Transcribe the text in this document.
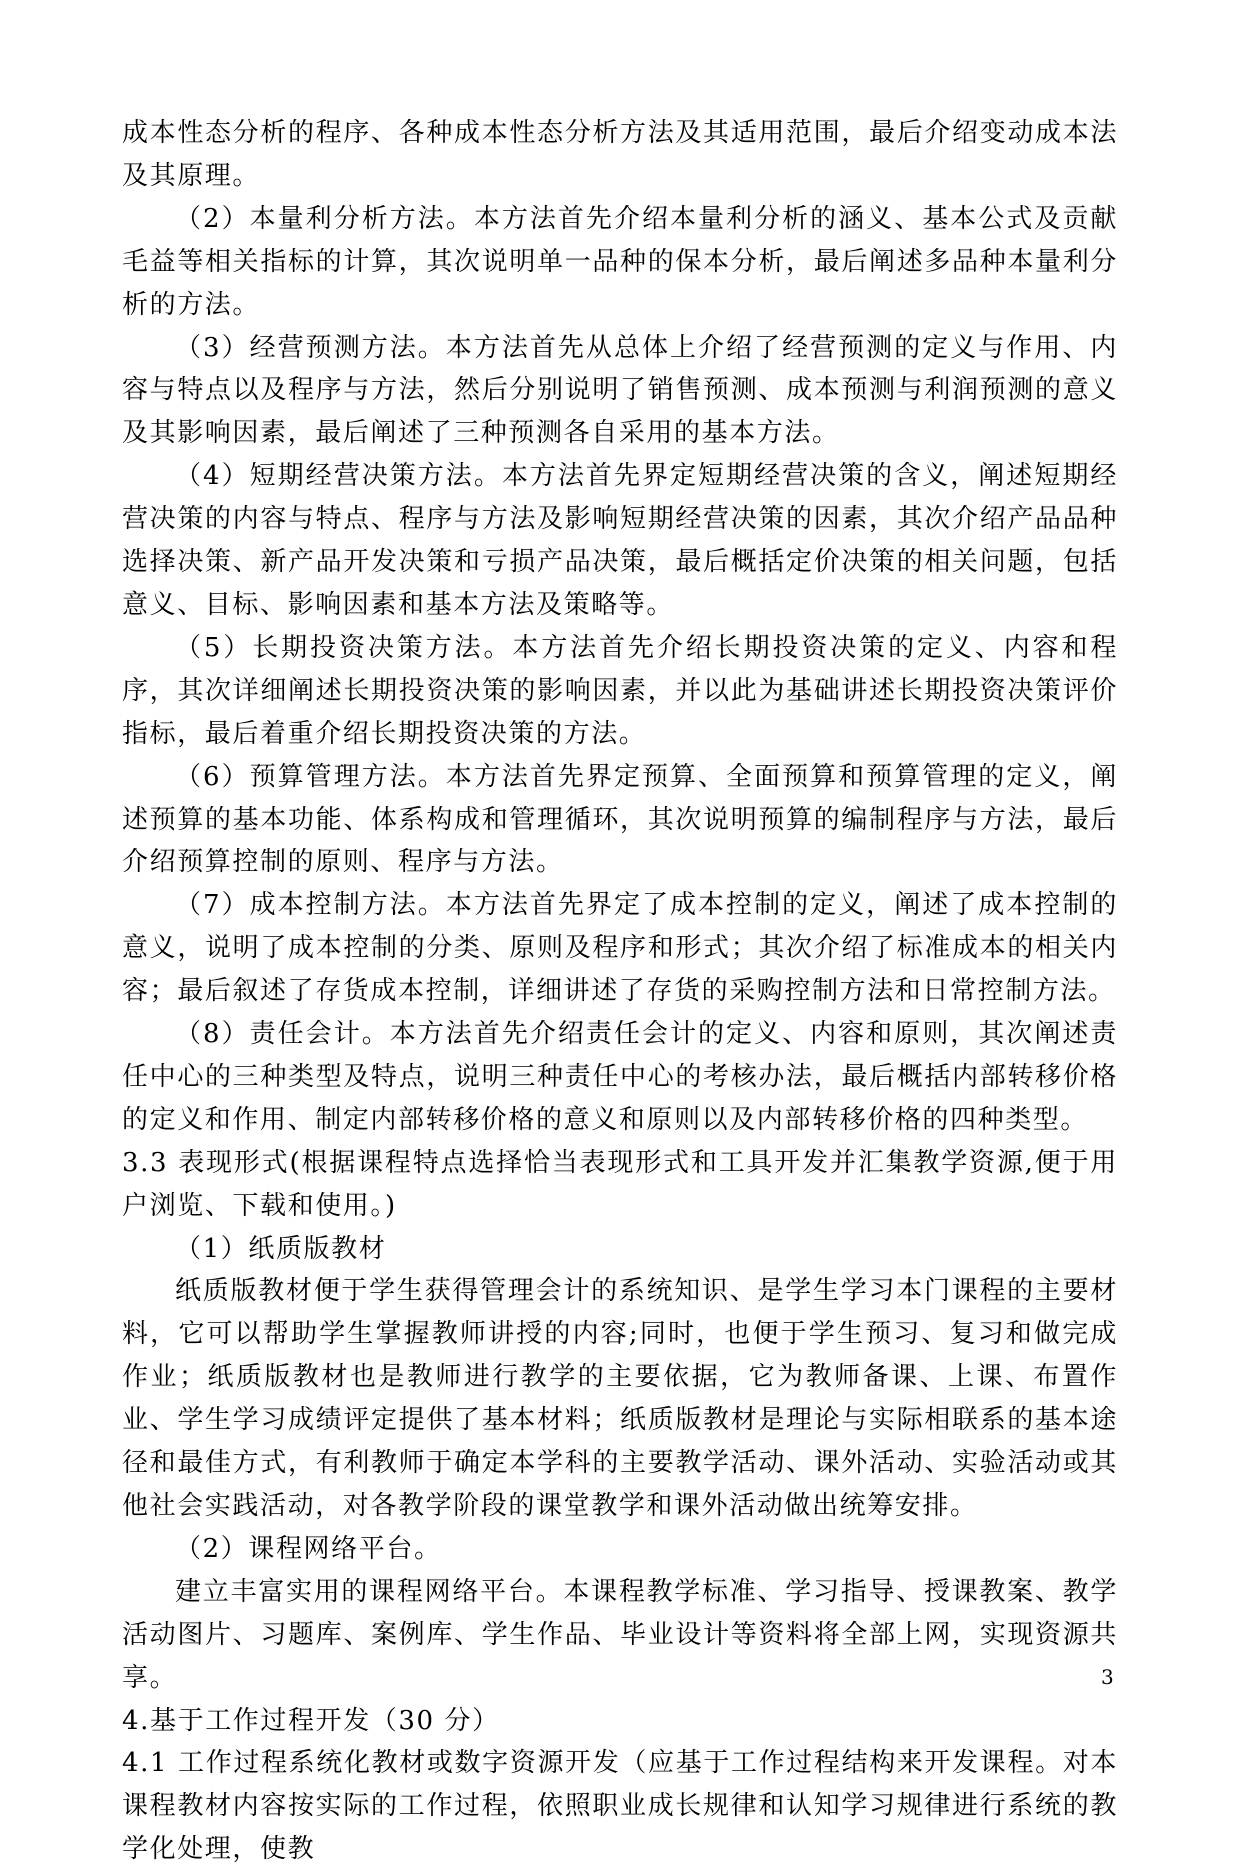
成本性态分析的程序、各种成本性态分析方法及其适用范围，最后介绍变动成本法及其原理。

（2）本量利分析方法。本方法首先介绍本量利分析的涵义、基本公式及贡献毛益等相关指标的计算，其次说明单一品种的保本分析，最后阐述多品种本量利分析的方法。

（3）经营预测方法。本方法首先从总体上介绍了经营预测的定义与作用、内容与特点以及程序与方法，然后分别说明了销售预测、成本预测与利润预测的意义及其影响因素，最后阐述了三种预测各自采用的基本方法。

（4）短期经营决策方法。本方法首先界定短期经营决策的含义，阐述短期经营决策的内容与特点、程序与方法及影响短期经营决策的因素，其次介绍产品品种选择决策、新产品开发决策和亏损产品决策，最后概括定价决策的相关问题，包括意义、目标、影响因素和基本方法及策略等。

（5）长期投资决策方法。本方法首先介绍长期投资决策的定义、内容和程序，其次详细阐述长期投资决策的影响因素，并以此为基础讲述长期投资决策评价指标，最后着重介绍长期投资决策的方法。

（6）预算管理方法。本方法首先界定预算、全面预算和预算管理的定义，阐述预算的基本功能、体系构成和管理循环，其次说明预算的编制程序与方法，最后介绍预算控制的原则、程序与方法。

（7）成本控制方法。本方法首先界定了成本控制的定义，阐述了成本控制的意义，说明了成本控制的分类、原则及程序和形式；其次介绍了标准成本的相关内容；最后叙述了存货成本控制，详细讲述了存货的采购控制方法和日常控制方法。

（8）责任会计。本方法首先介绍责任会计的定义、内容和原则，其次阐述责任中心的三种类型及特点，说明三种责任中心的考核办法，最后概括内部转移价格的定义和作用、制定内部转移价格的意义和原则以及内部转移价格的四种类型。

3.3 表现形式(根据课程特点选择恰当表现形式和工具开发并汇集教学资源,便于用户浏览、下载和使用。)

（1）纸质版教材

纸质版教材便于学生获得管理会计的系统知识、是学生学习本门课程的主要材料，它可以帮助学生掌握教师讲授的内容;同时，也便于学生预习、复习和做完成作业；纸质版教材也是教师进行教学的主要依据，它为教师备课、上课、布置作业、学生学习成绩评定提供了基本材料；纸质版教材是理论与实际相联系的基本途径和最佳方式，有利教师于确定本学科的主要教学活动、课外活动、实验活动或其他社会实践活动，对各教学阶段的课堂教学和课外活动做出统筹安排。

（2）课程网络平台。

建立丰富实用的课程网络平台。本课程教学标准、学习指导、授课教案、教学活动图片、习题库、案例库、学生作品、毕业设计等资料将全部上网，实现资源共享。

4.基于工作过程开发（30 分）

4.1 工作过程系统化教材或数字资源开发（应基于工作过程结构来开发课程。对本课程教材内容按实际的工作过程，依照职业成长规律和认知学习规律进行系统的教学化处理，使教

3
